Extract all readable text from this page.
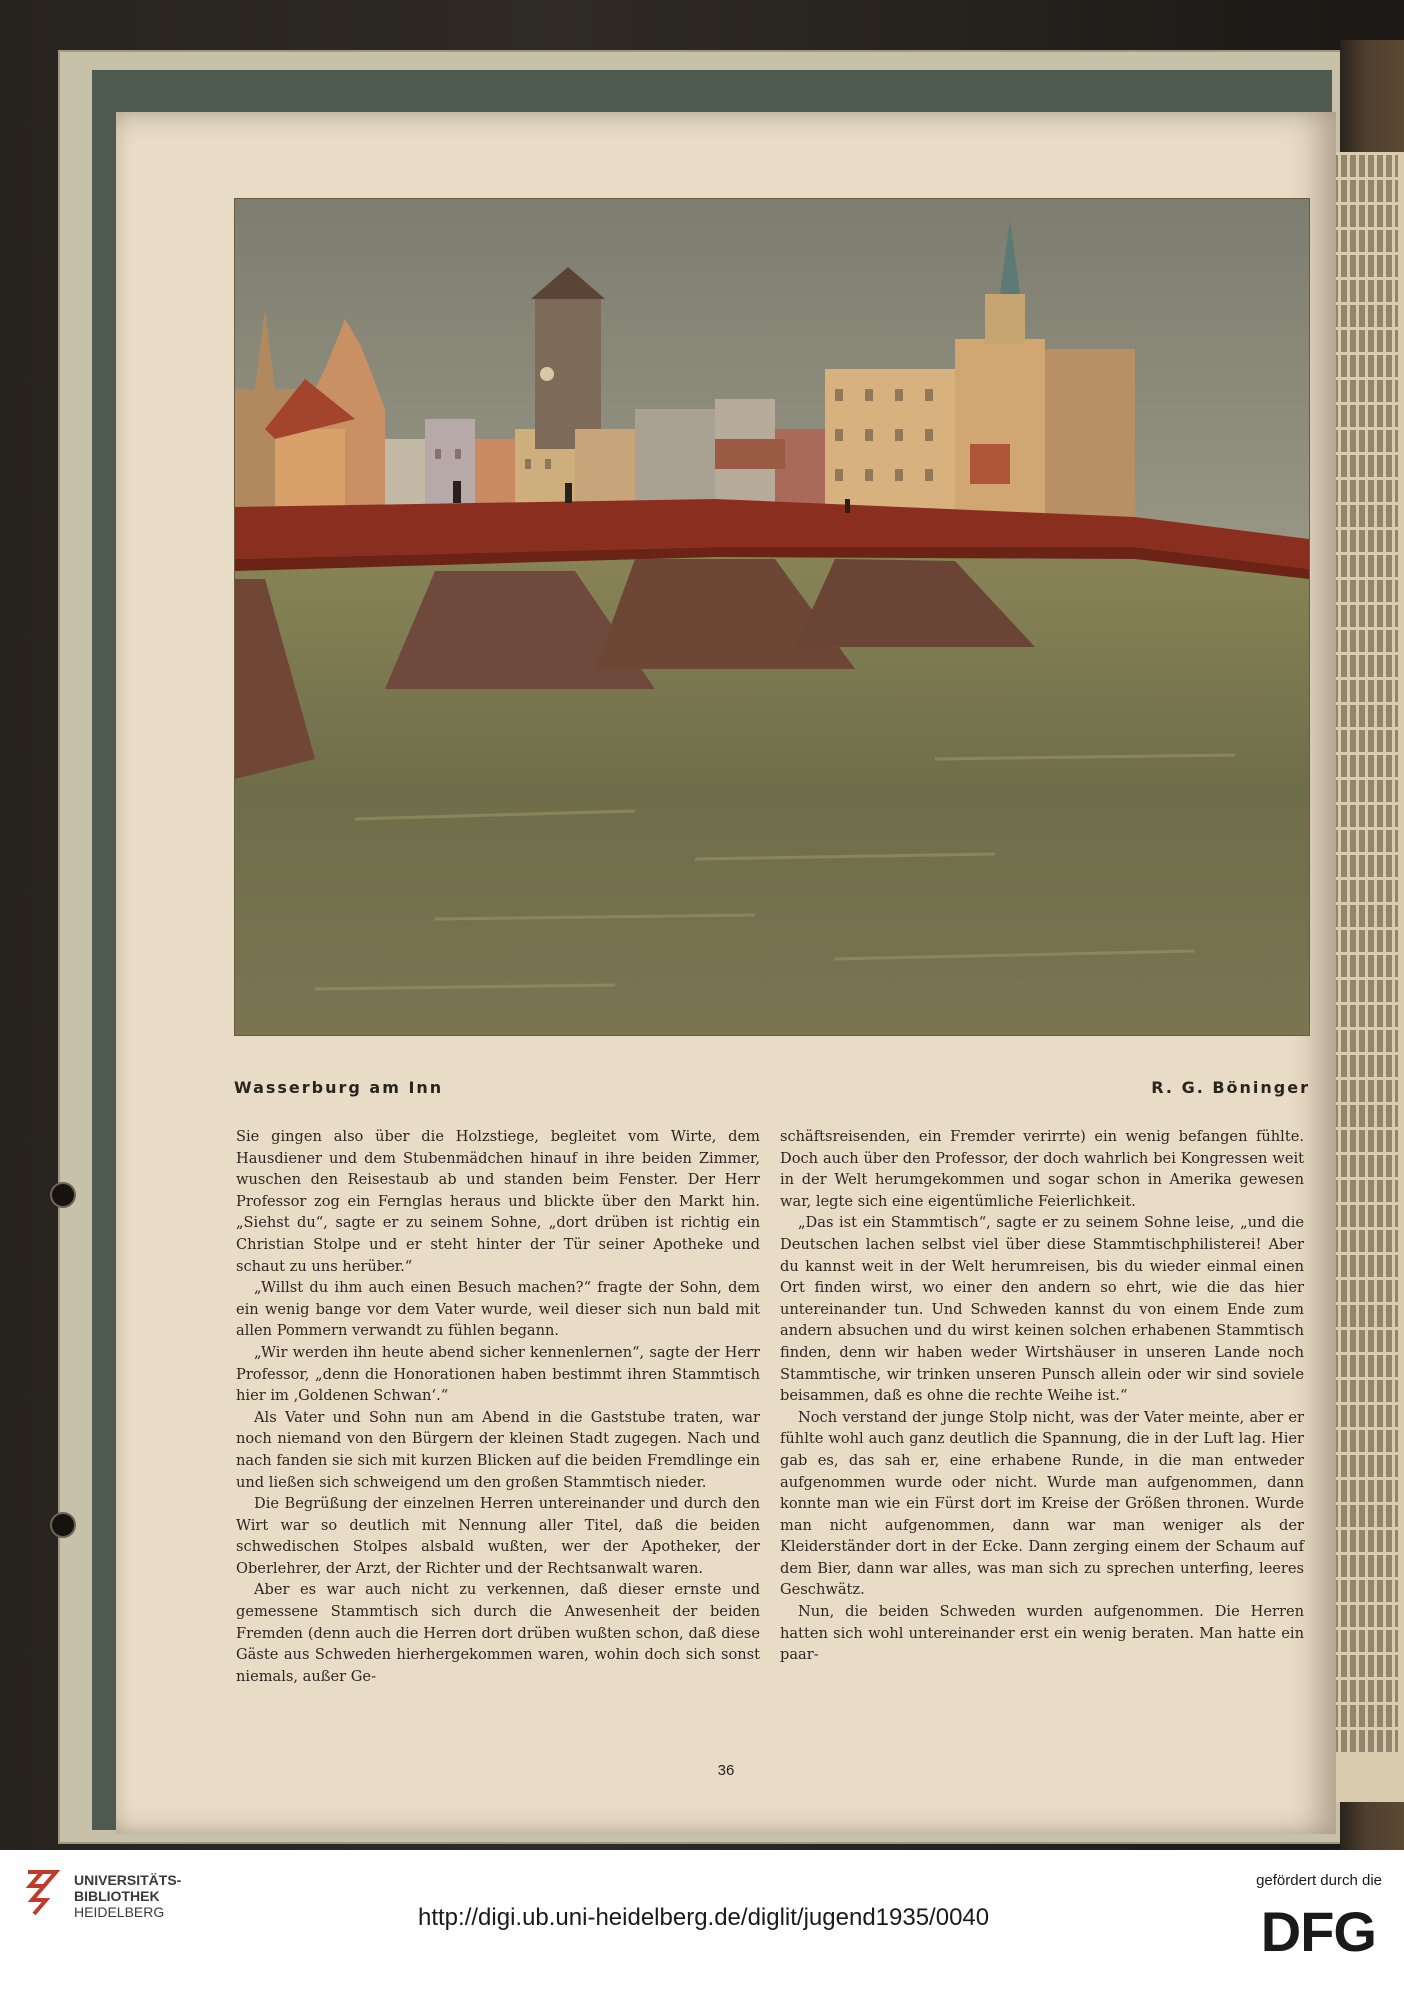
36
Wasserburg am Inn	R. G. Böninger

Sie gingen also über die Holzstiege, begleitet vom Wirte, dem Hausdiener und dem Stubenmädchen hinauf in ihre beiden Zimmer, wuschen den Reisestaub ab und standen beim Fenster. Der Herr Professor zog ein Fernglas heraus und blickte über den Markt hin. „Siehst du“, sagte er zu seinem Sohne, „dort drüben ist richtig ein Christian Stolpe und er steht hinter der Tür seiner Apotheke und schaut zu uns herüber.“

„Willst du ihm auch einen Besuch machen?“ fragte der Sohn, dem ein wenig bange vor dem Vater wurde, weil dieser sich nun bald mit allen Pommern verwandt zu fühlen begann.

„Wir werden ihn heute abend sicher kennenlernen“, sagte der Herr Professor, „denn die Honorationen haben bestimmt ihren Stammtisch hier im ‚Goldenen Schwan‘.“

Als Vater und Sohn nun am Abend in die Gaststube traten, war noch niemand von den Bürgern der kleinen Stadt zugegen. Nach und nach fanden sie sich mit kurzen Blicken auf die beiden Fremdlinge ein und ließen sich schweigend um den großen Stammtisch nieder.

Die Begrüßung der einzelnen Herren untereinander und durch den Wirt war so deutlich mit Nennung aller Titel, daß die beiden schwedischen Stolpes alsbald wußten, wer der Apotheker, der Oberlehrer, der Arzt, der Richter und der Rechtsanwalt waren.

Aber es war auch nicht zu verkennen, daß dieser ernste und gemessene Stammtisch sich durch die Anwesenheit der beiden Fremden (denn auch die Herren dort drüben wußten schon, daß diese Gäste aus Schweden hierhergekommen waren, wohin doch sich sonst niemals, außer Ge-

schäftsreisenden, ein Fremder verirrte) ein wenig befangen fühlte. Doch auch über den Professor, der doch wahrlich bei Kongressen weit in der Welt herumgekommen und sogar schon in Amerika gewesen war, legte sich eine eigentümliche Feierlichkeit.

„Das ist ein Stammtisch“, sagte er zu seinem Sohne leise, „und die Deutschen lachen selbst viel über diese Stammtischphilisterei! Aber du kannst weit in der Welt herumreisen, bis du wieder einmal einen Ort finden wirst, wo einer den andern so ehrt, wie die das hier untereinander tun. Und Schweden kannst du von einem Ende zum andern absuchen und du wirst keinen solchen erhabenen Stammtisch finden, denn wir haben weder Wirtshäuser in unseren Lande noch Stammtische, wir trinken unseren Punsch allein oder wir sind soviele beisammen, daß es ohne die rechte Weihe ist.“

Noch verstand der junge Stolp nicht, was der Vater meinte, aber er fühlte wohl auch ganz deutlich die Spannung, die in der Luft lag. Hier gab es, das sah er, eine erhabene Runde, in die man entweder aufgenommen wurde oder nicht. Wurde man aufgenommen, dann konnte man wie ein Fürst dort im Kreise der Größen thronen. Wurde man nicht aufgenommen, dann war man weniger als der Kleiderständer dort in der Ecke. Dann zerging einem der Schaum auf dem Bier, dann war alles, was man sich zu sprechen unterfing, leeres Geschwätz.

Nun, die beiden Schweden wurden aufgenommen. Die Herren hatten sich wohl untereinander erst ein wenig beraten. Man hatte ein paar-

UNIVERSITÄTS-
BIBLIOTHEK
HEIDELBERG	http://digi.ub.uni-heidelberg.de/diglit/jugend1935/0040
gefördert durch die
DFG
